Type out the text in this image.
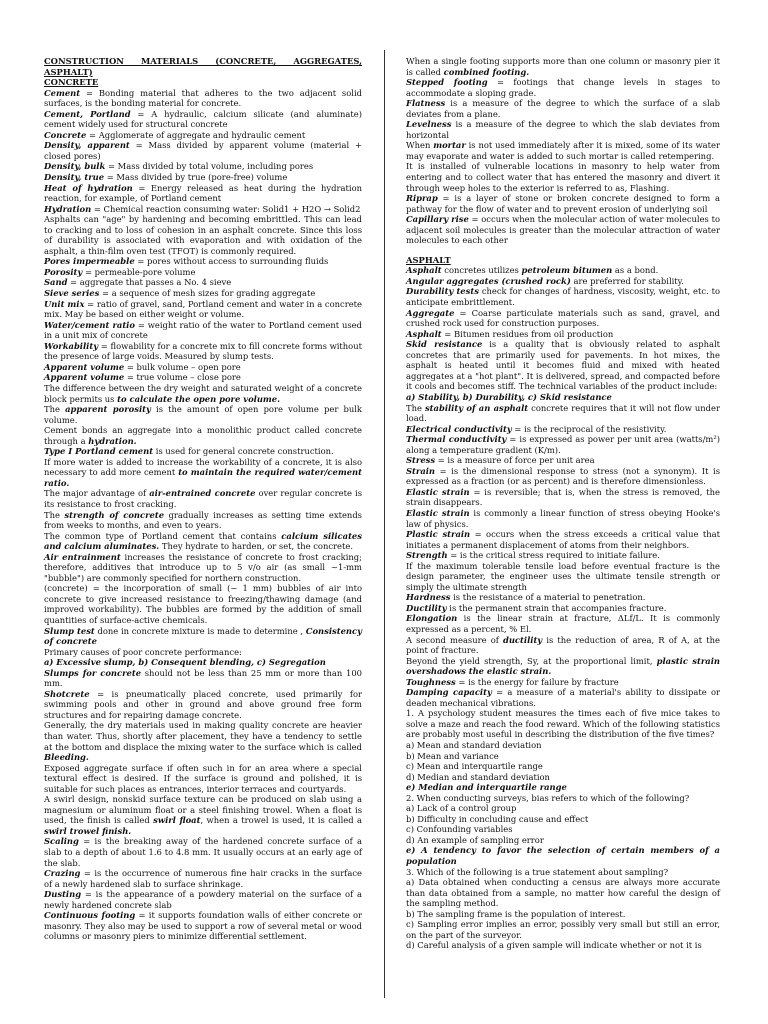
CONSTRUCTION MATERIALS (CONCRETE, AGGREGATES, ASPHALT)

CONCRETE

Cement = Bonding material that adheres to the two adjacent solid surfaces, is the bonding material for concrete.

Cement, Portland = A hydraulic, calcium silicate (and aluminate) cement widely used for structural concrete

Concrete = Agglomerate of aggregate and hydraulic cement

Density, apparent = Mass divided by apparent volume (material + closed pores)

Density, bulk = Mass divided by total volume, including pores

Density, true = Mass divided by true (pore-free) volume

Heat of hydration = Energy released as heat during the hydration reaction, for example, of Portland cement

Hydration = Chemical reaction consuming water: Solid1 + H2O → Solid2

Asphalts can "age" by hardening and becoming embrittled. This can lead to cracking and to loss of cohesion in an asphalt concrete. Since this loss of durability is associated with evaporation and with oxidation of the asphalt, a thin-film oven test (TFOT) is commonly required.

Pores impermeable = pores without access to surrounding fluids

Porosity = permeable-pore volume

Sand = aggregate that passes a No. 4 sieve

Sieve series = a sequence of mesh sizes for grading aggregate

Unit mix = ratio of gravel, sand, Portland cement and water in a concrete mix. May be based on either weight or volume.

Water/cement ratio = weight ratio of the water to Portland cement used in a unit mix of concrete

Workability = flowability for a concrete mix to fill concrete forms without the presence of large voids. Measured by slump tests.

Apparent volume = bulk volume – open pore

Apparent volume = true volume – close pore

The difference between the dry weight and saturated weight of a concrete block permits us to calculate the open pore volume.

The apparent porosity is the amount of open pore volume per bulk volume.

Cement bonds an aggregate into a monolithic product called concrete through a hydration.

Type I Portland cement is used for general concrete construction.

If more water is added to increase the workability of a concrete, it is also necessary to add more cement to maintain the required water/cement ratio.

The major advantage of air-entrained concrete over regular concrete is its resistance to frost cracking.

The strength of concrete gradually increases as setting time extends from weeks to months, and even to years.

The common type of Portland cement that contains calcium silicates and calcium aluminates. They hydrate to harden, or set, the concrete.

Air entrainment increases the resistance of concrete to frost cracking; therefore, additives that introduce up to 5 v/o air (as small ~1-mm "bubble") are commonly specified for northern construction.

(concrete) = the incorporation of small (~ 1 mm) bubbles of air into concrete to give increased resistance to freezing/thawing damage (and improved workability). The bubbles are formed by the addition of small quantities of surface-active chemicals.

Slump test done in concrete mixture is made to determine , Consistency of concrete

Primary causes of poor concrete performance:

a) Excessive slump, b) Consequent blending, c) Segregation

Slumps for concrete should not be less than 25 mm or more than 100 mm.

Shotcrete = is pneumatically placed concrete, used primarily for swimming pools and other in ground and above ground free form structures and for repairing damage concrete.

Generally, the dry materials used in making quality concrete are heavier than water. Thus, shortly after placement, they have a tendency to settle at the bottom and displace the mixing water to the surface which is called Bleeding.

Exposed aggregate surface if often such in for an area where a special textural effect is desired. If the surface is ground and polished, it is suitable for such places as entrances, interior terraces and courtyards.

A swirl design, nonskid surface texture can be produced on slab using a magnesium or aluminum float or a steel finishing trowel. When a float is used, the finish is called swirl float, when a trowel is used, it is called a swirl trowel finish.

Scaling = is the breaking away of the hardened concrete surface of a slab to a depth of about 1.6 to 4.8 mm. It usually occurs at an early age of the slab.

Crazing = is the occurrence of numerous fine hair cracks in the surface of a newly hardened slab to surface shrinkage.

Dusting = is the appearance of a powdery material on the surface of a newly hardened concrete slab

Continuous footing = it supports foundation walls of either concrete or masonry. They also may be used to support a row of several metal or wood columns or masonry piers to minimize differential settlement.

When a single footing supports more than one column or masonry pier it is called combined footing.

Stepped footing = footings that change levels in stages to accommodate a sloping grade.

Flatness is a measure of the degree to which the surface of a slab deviates from a plane.

Levelness is a measure of the degree to which the slab deviates from horizontal

When mortar is not used immediately after it is mixed, some of its water may evaporate and water is added to such mortar is called retempering.

It is installed of vulnerable locations in masonry to help water from entering and to collect water that has entered the masonry and divert it through weep holes to the exterior is referred to as, Flashing.

Riprap = is a layer of stone or broken concrete designed to form a pathway for the flow of water and to prevent erosion of underlying soil

Capillary rise = occurs when the molecular action of water molecules to adjacent soil molecules is greater than the molecular attraction of water molecules to each other

ASPHALT

Asphalt concretes utilizes petroleum bitumen as a bond.

Angular aggregates (crushed rock) are preferred for stability.

Durability tests check for changes of hardness, viscosity, weight, etc. to anticipate embrittlement.

Aggregate = Coarse particulate materials such as sand, gravel, and crushed rock used for construction purposes.

Asphalt = Bitumen residues from oil production

Skid resistance is a quality that is obviously related to asphalt concretes that are primarily used for pavements. In hot mixes, the asphalt is heated until it becomes fluid and mixed with heated aggregates at a "hot plant". It is delivered, spread, and compacted before it cools and becomes stiff. The technical variables of the product include:

a) Stability, b) Durability, c) Skid resistance

The stability of an asphalt concrete requires that it will not flow under load.

Electrical conductivity = is the reciprocal of the resistivity.

Thermal conductivity = is expressed as power per unit area (watts/m²) along a temperature gradient (K/m).

Stress = is a measure of force per unit area

Strain = is the dimensional response to stress (not a synonym). It is expressed as a fraction (or as percent) and is therefore dimensionless.

Elastic strain = is reversible; that is, when the stress is removed, the strain disappears.

Elastic strain is commonly a linear function of stress obeying Hooke's law of physics.

Plastic strain = occurs when the stress exceeds a critical value that initiates a permanent displacement of atoms from their neighbors.

Strength = is the critical stress required to initiate failure.

If the maximum tolerable tensile load before eventual fracture is the design parameter, the engineer uses the ultimate tensile strength or simply the ultimate strength

Hardness is the resistance of a material to penetration.

Ductility is the permanent strain that accompanies fracture.

Elongation is the linear strain at fracture, ΔLf/L. It is commonly expressed as a percent, % El.

A second measure of ductility is the reduction of area, R of A, at the point of fracture.

Beyond the yield strength, Sy, at the proportional limit, plastic strain overshadows the elastic strain.

Toughness = is the energy for failure by fracture

Damping capacity = a measure of a material's ability to dissipate or deaden mechanical vibrations.

1. A psychology student measures the times each of five mice takes to solve a maze and reach the food reward. Which of the following statistics are probably most useful in describing the distribution of the five times?

a) Mean and standard deviation

b) Mean and variance

c) Mean and interquartile range

d) Median and standard deviation

e) Median and interquartile range

2. When conducting surveys, bias refers to which of the following?

a) Lack of a control group

b) Difficulty in concluding cause and effect

c) Confounding variables

d) An example of sampling error

e) A tendency to favor the selection of certain members of a population

3. Which of the following is a true statement about sampling?

a) Data obtained when conducting a census are always more accurate than data obtained from a sample, no matter how careful the design of the sampling method.

b) The sampling frame is the population of interest.

c) Sampling error implies an error, possibly very small but still an error, on the part of the surveyor.

d) Careful analysis of a given sample will indicate whether or not it is
